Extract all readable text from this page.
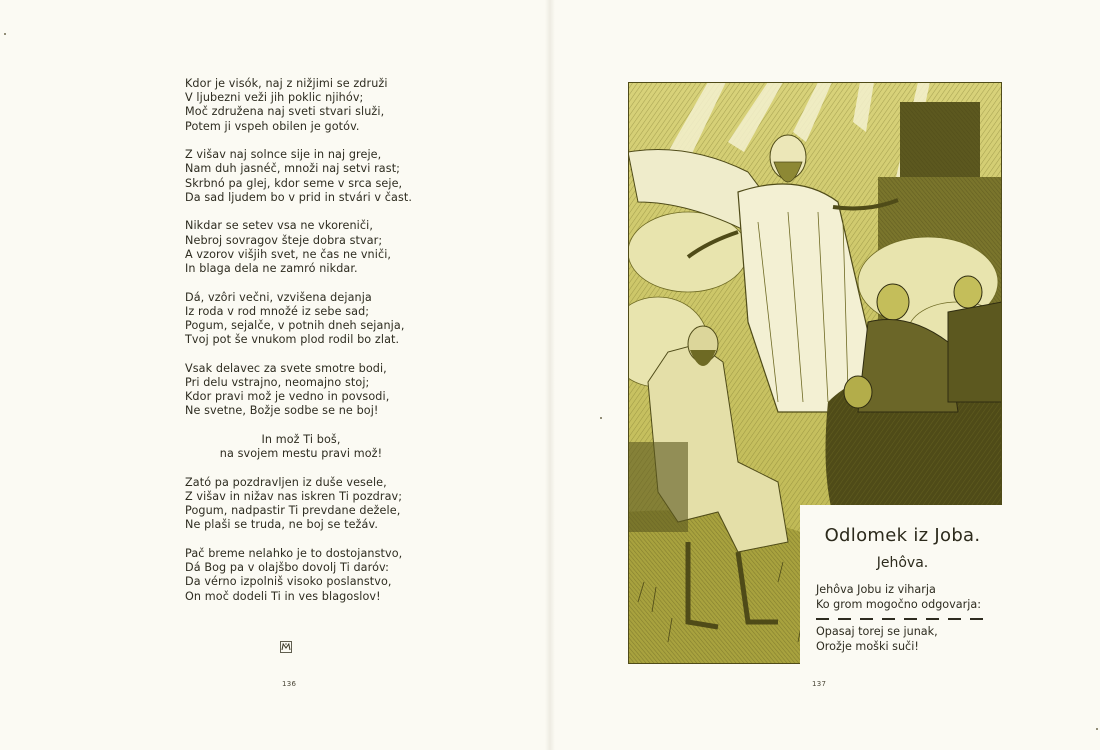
Kdor je visók, naj z nižjimi se združi
V ljubezni veži jih poklic njihóv;
Moč združena naj sveti stvari služi,
Potem ji vspeh obilen je gotóv.
Z višav naj solnce sije in naj greje,
Nam duh jasnéč, množi naj setvi rast;
Skrbnó pa glej, kdor seme v srca seje,
Da sad ljudem bo v prid in stvári v čast.
Nikdar se setev vsa ne vkoreniči,
Nebroj sovragov šteje dobra stvar;
A vzorov višjih svet, ne čas ne vniči,
In blaga dela ne zamró nikdar.
Dá, vzôri večni, vzvišena dejanja
Iz roda v rod množé iz sebe sad;
Pogum, sejalče, v potnih dneh sejanja,
Tvoj pot še vnukom plod rodil bo zlat.
Vsak delavec za svete smotre bodi,
Pri delu vstrajno, neomajno stoj;
Kdor pravi mož je vedno in povsodi,
Ne svetne, Božje sodbe se ne boj!
In mož Ti boš,
na svojem mestu pravi mož!
Zató pa pozdravljen iz duše vesele,
Z višav in nižav nas iskren Ti pozdrav;
Pogum, nadpastir Ti prevdane dežele,
Ne plaši se truda, ne boj se težáv.
Pač breme nelahko je to dostojanstvo,
Dá Bog pa v olajšbo dovolj Ti daróv:
Da vérno izpolniš visoko poslanstvo,
On moč dodeli Ti in ves blagoslov!
136
Odlomek iz Joba.
Jehôva.
Jehôva Jobu iz viharja
Ko grom mogočno odgovarja:
Opasaj torej se junak,
Orožje moški suči!
137
